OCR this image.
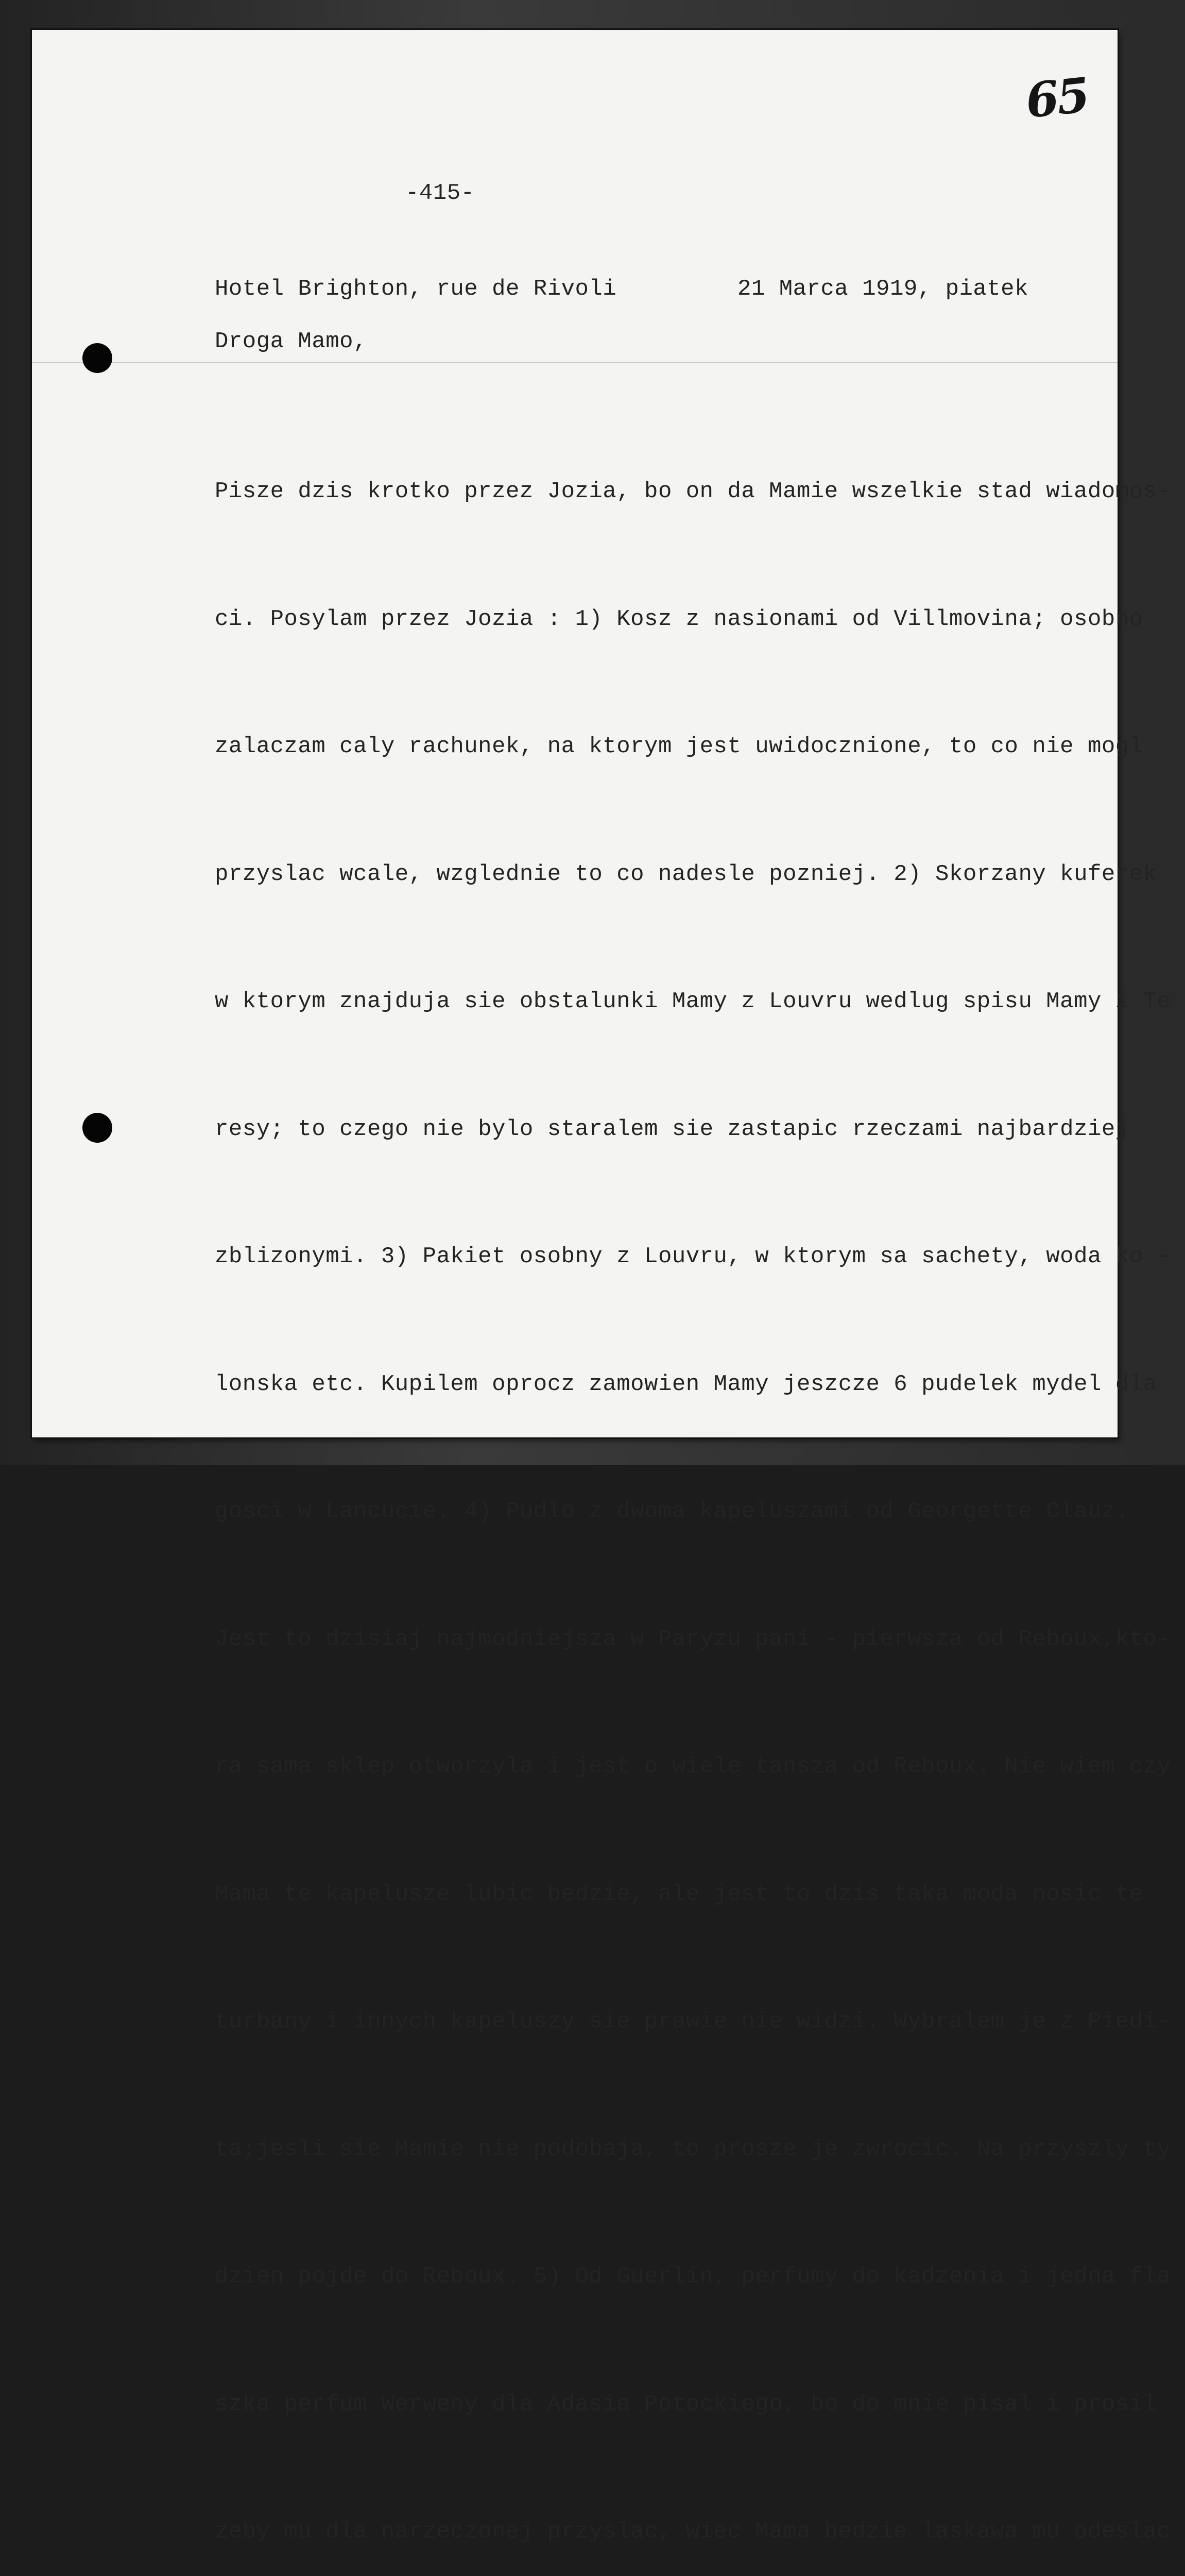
65
-415-
Hotel Brighton, rue de Rivoli	21 Marca 1919, piatek
Droga Mamo,

Pisze dzis krotko przez Jozia, bo on da Mamie wszelkie stad wiadomos-

ci. Posylam przez Jozia : 1) Kosz z nasionami od Villmovina; osobno

zalaczam caly rachunek, na ktorym jest uwidocznione, to co nie mogl

przyslac wcale, wzglednie to co nadesle pozniej. 2) Skorzany kuferek

w ktorym znajduja sie obstalunki Mamy z Louvru wedlug spisu Mamy i Te

resy; to czego nie bylo staralem sie zastapic rzeczami najbardziej

zblizonymi. 3) Pakiet osobny z Louvru, w ktorym sa sachety, woda ko -

lonska etc. Kupilem oprocz zamowien Mamy jeszcze 6 pudelek mydel dla

gosci w Lancucie. 4) Pudlo z dwoma kapeluszami od Georgette Clauz.

Jest to dzisiaj najmodniejsza w Paryzu pani - pierwsza od Reboux,kto-

ra sama sklep otworzyla i jest o wiele tansza od Reboux. Nie wiem czy

Mama te kapelusze lubic bedzie, ale jest to dzis taka moda nosic te

turbany i innych kapeluszy sie prawie nie widzi. Wybralem je z Piedi-

ta;jesli sie Mamie nie podobaja, to prosze je zwrocic. Na przyszly ty

dzien pojde do Reboux. 5) Od Guerlin, perfumy do kadzenia i jedna fla

szka perfum Werweny dla Adasia Potockiego, bo do mnie pisal i prosil

zeby mu dla narzeczonej przyslac, wiec Mama bedzie laskawa mu odeslac
